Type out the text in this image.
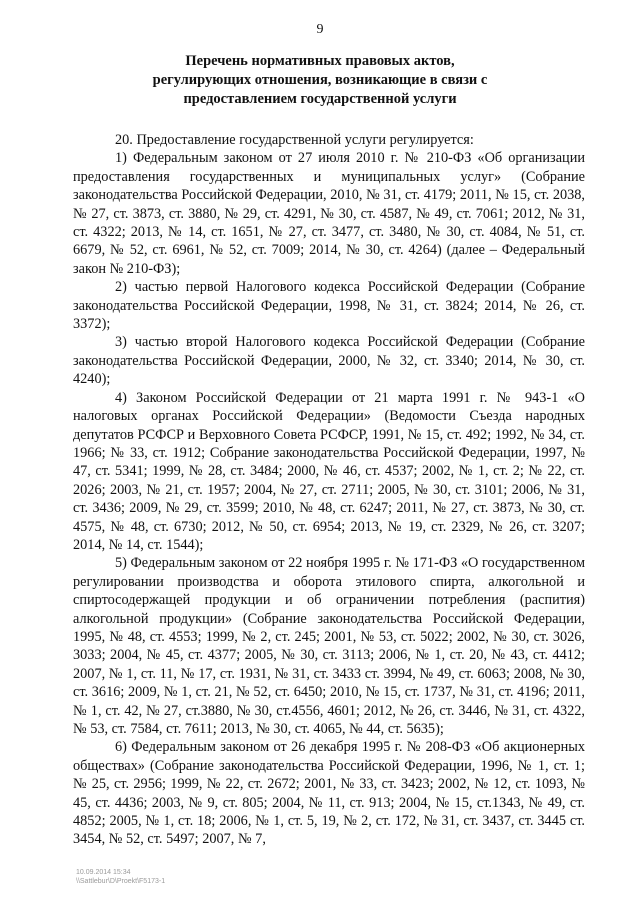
9
Перечень нормативных правовых актов,
регулирующих отношения, возникающие в связи с
предоставлением государственной услуги

20. Предоставление государственной услуги регулируется:

1) Федеральным законом от 27 июля 2010 г. № 210-ФЗ «Об организации предоставления государственных и муниципальных услуг» (Собрание законодательства Российской Федерации, 2010, № 31, ст. 4179; 2011, № 15, ст. 2038, № 27, ст. 3873, ст. 3880, № 29, ст. 4291, № 30, ст. 4587, № 49, ст. 7061; 2012, № 31, ст. 4322; 2013, № 14, ст. 1651, № 27, ст. 3477, ст. 3480, № 30, ст. 4084, № 51, ст. 6679, № 52, ст. 6961, № 52, ст. 7009; 2014, № 30, ст. 4264) (далее – Федеральный закон № 210-ФЗ);

2) частью первой Налогового кодекса Российской Федерации (Собрание законодательства Российской Федерации, 1998, № 31, ст. 3824; 2014, № 26, ст. 3372);

3) частью второй Налогового кодекса Российской Федерации (Собрание законодательства Российской Федерации, 2000, № 32, ст. 3340; 2014, № 30, ст. 4240);

4) Законом Российской Федерации от 21 марта 1991 г. № 943-1 «О налоговых органах Российской Федерации» (Ведомости Съезда народных депутатов РСФСР и Верховного Совета РСФСР, 1991, № 15, ст. 492; 1992, № 34, ст. 1966; № 33, ст. 1912; Собрание законодательства Российской Федерации, 1997, № 47, ст. 5341; 1999, № 28, ст. 3484; 2000, № 46, ст. 4537; 2002, № 1, ст. 2; № 22, ст. 2026; 2003, № 21, ст. 1957; 2004, № 27, ст. 2711; 2005, № 30, ст. 3101; 2006, № 31, ст. 3436; 2009, № 29, ст. 3599; 2010, № 48, ст. 6247; 2011, № 27, ст. 3873, № 30, ст. 4575, № 48, ст. 6730; 2012, № 50, ст. 6954; 2013, № 19, ст. 2329, № 26, ст. 3207; 2014, № 14, ст. 1544);

5) Федеральным законом от 22 ноября 1995 г. № 171-ФЗ «О государственном регулировании производства и оборота этилового спирта, алкогольной и спиртосодержащей продукции и об ограничении потребления (распития) алкогольной продукции» (Собрание законодательства Российской Федерации, 1995, № 48, ст. 4553; 1999, № 2, ст. 245; 2001, № 53, ст. 5022; 2002, № 30, ст. 3026, 3033; 2004, № 45, ст. 4377; 2005, № 30, ст. 3113; 2006, № 1, ст. 20, № 43, ст. 4412; 2007, № 1, ст. 11, № 17, ст. 1931, № 31, ст. 3433 ст. 3994, № 49, ст. 6063; 2008, № 30, ст. 3616; 2009, № 1, ст. 21, № 52, ст. 6450; 2010, № 15, ст. 1737, № 31, ст. 4196; 2011, № 1, ст. 42, № 27, ст.3880, № 30, ст.4556, 4601; 2012, № 26, ст. 3446, № 31, ст. 4322, № 53, ст. 7584, ст. 7611; 2013, № 30, ст. 4065, № 44, ст. 5635);

6) Федеральным законом от 26 декабря 1995 г. № 208-ФЗ «Об акционерных обществах» (Собрание законодательства Российской Федерации, 1996, № 1, ст. 1; № 25, ст. 2956; 1999, № 22, ст. 2672; 2001, № 33, ст. 3423; 2002, № 12, ст. 1093, № 45, ст. 4436; 2003, № 9, ст. 805; 2004, № 11, ст. 913; 2004, № 15, ст.1343, № 49, ст. 4852; 2005, № 1, ст. 18; 2006, № 1, ст. 5, 19, № 2, ст. 172, № 31, ст. 3437, ст. 3445 ст. 3454, № 52, ст. 5497; 2007, № 7,

10.09.2014 15:34
\\Sattlebur\D\Proekt\F5173-1
